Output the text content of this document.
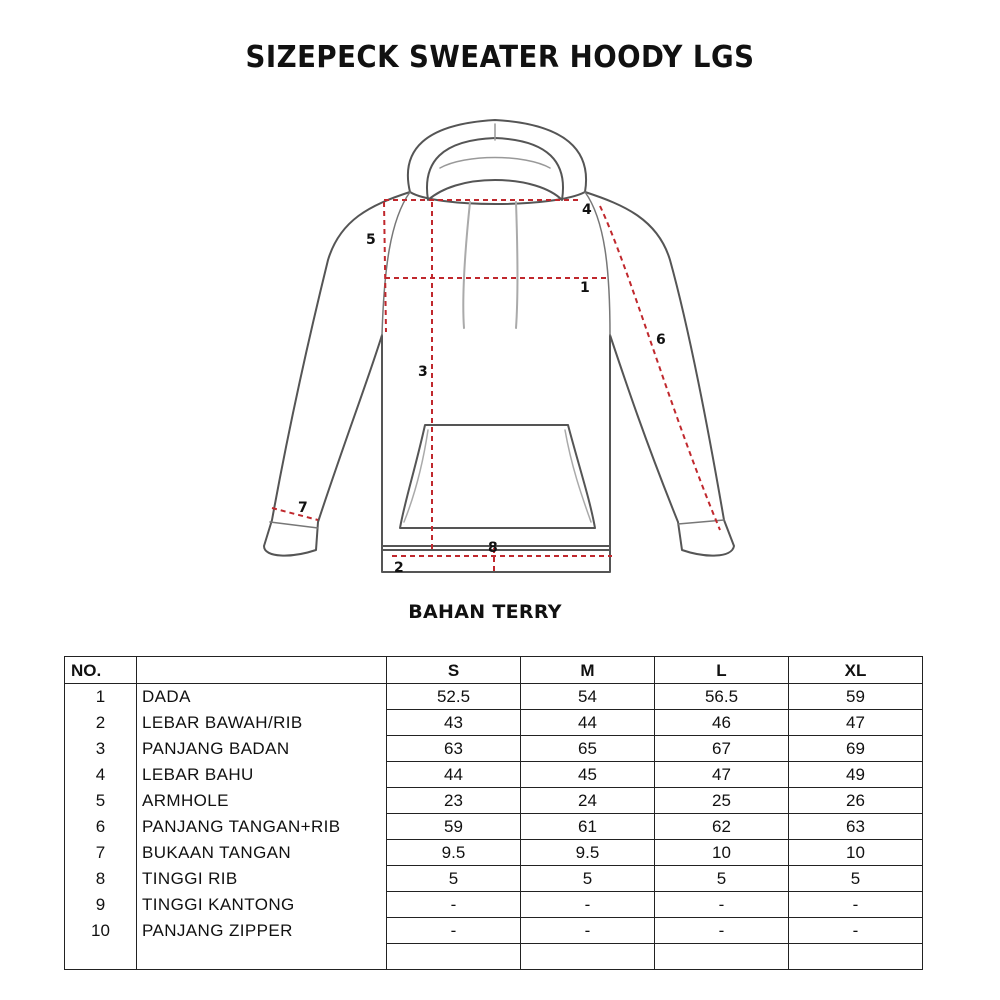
SIZEPECK SWEATER HOODY LGS
4
5
1
6
3
7
8
2
BAHAN TERRY
NO.		S	M	L	XL
1	DADA	52.5	54	56.5	59
2	LEBAR BAWAH/RIB	43	44	46	47
3	PANJANG BADAN	63	65	67	69
4	LEBAR BAHU	44	45	47	49
5	ARMHOLE	23	24	25	26
6	PANJANG TANGAN+RIB	59	61	62	63
7	BUKAAN TANGAN	9.5	9.5	10	10
8	TINGGI RIB	5	5	5	5
9	TINGGI KANTONG	-	-	-	-
10	PANJANG ZIPPER	-	-	-	-
